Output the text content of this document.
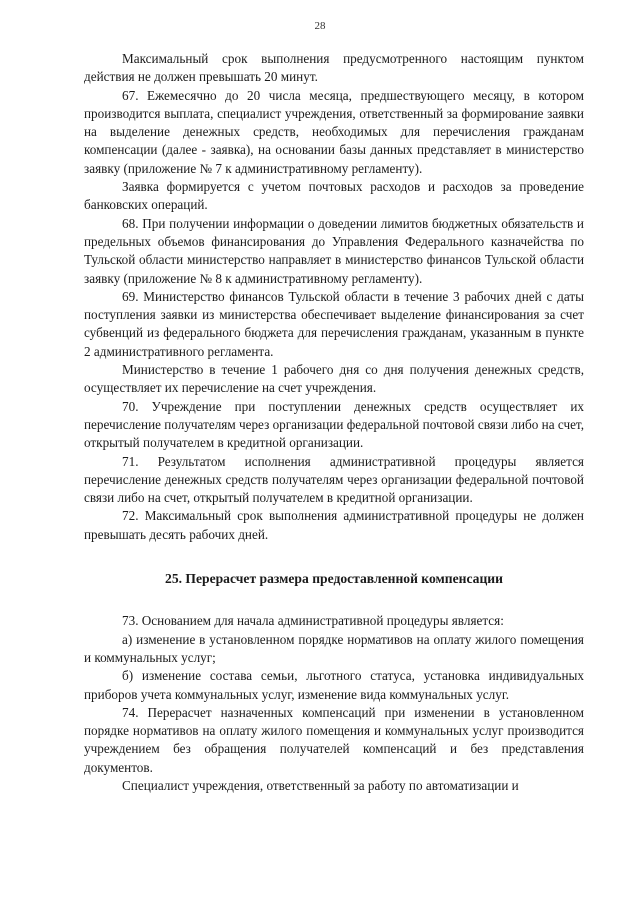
28

Максимальный срок выполнения предусмотренного настоящим пунктом действия не должен превышать 20 минут.

67. Ежемесячно до 20 числа месяца, предшествующего месяцу, в котором производится выплата, специалист учреждения, ответственный за формирование заявки на выделение денежных средств, необходимых для перечисления гражданам компенсации (далее - заявка), на основании базы данных представляет в министерство заявку (приложение № 7 к административному регламенту).

Заявка формируется с учетом почтовых расходов и расходов за проведение банковских операций.

68. При получении информации о доведении лимитов бюджетных обязательств и предельных объемов финансирования до Управления Федерального казначейства по Тульской области министерство направляет в министерство финансов Тульской области заявку (приложение № 8 к административному регламенту).

69. Министерство финансов Тульской области в течение 3 рабочих дней с даты поступления заявки из министерства обеспечивает выделение финансирования за счет субвенций из федерального бюджета для перечисления гражданам, указанным в пункте 2 административного регламента.

Министерство в течение 1 рабочего дня со дня получения денежных средств, осуществляет их перечисление на счет учреждения.

70. Учреждение при поступлении денежных средств осуществляет их перечисление получателям через организации федеральной почтовой связи либо на счет, открытый получателем в кредитной организации.

71. Результатом исполнения административной процедуры является перечисление денежных средств получателям через организации федеральной почтовой связи либо на счет, открытый получателем в кредитной организации.

72. Максимальный срок выполнения административной процедуры не должен превышать десять рабочих дней.

25. Перерасчет размера предоставленной компенсации

73. Основанием для начала административной процедуры является:

а) изменение в установленном порядке нормативов на оплату жилого помещения и коммунальных услуг;

б) изменение состава семьи, льготного статуса, установка индивидуальных приборов учета коммунальных услуг, изменение вида коммунальных услуг.

74. Перерасчет назначенных компенсаций при изменении в установленном порядке нормативов на оплату жилого помещения и коммунальных услуг производится учреждением без обращения получателей компенсаций и без представления документов.

Специалист учреждения, ответственный за работу по автоматизации и
